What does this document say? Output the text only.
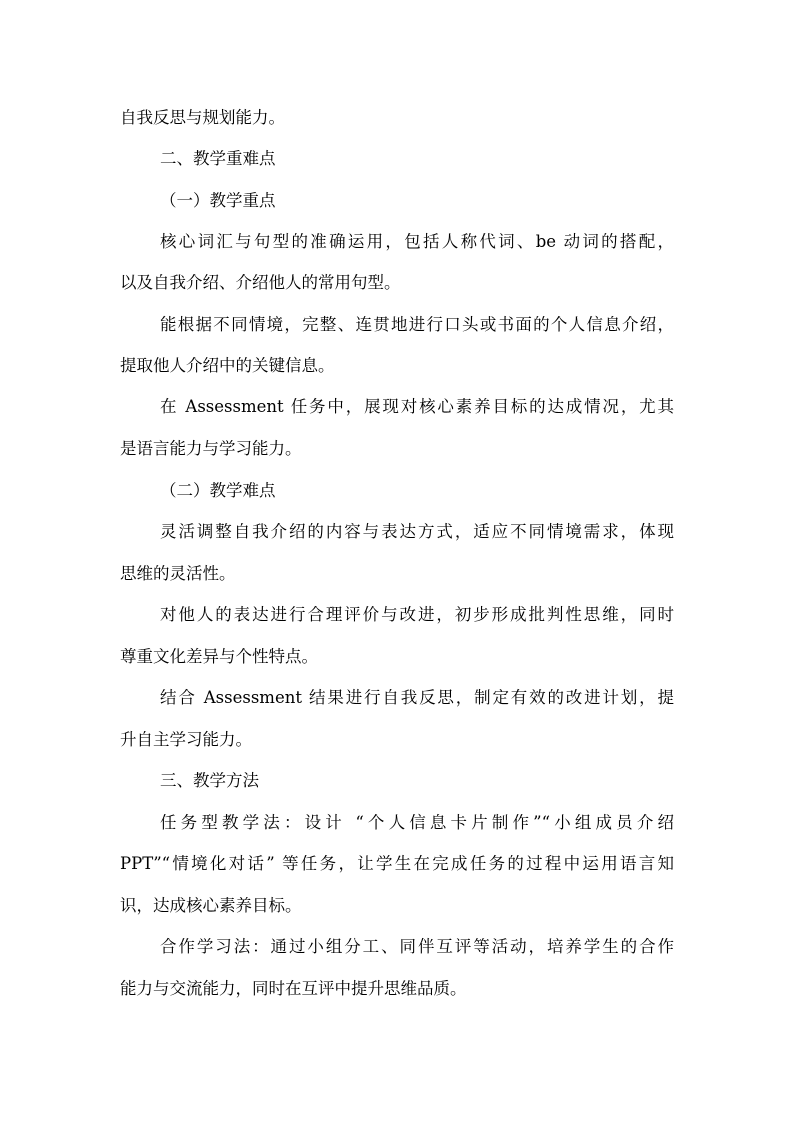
自我反思与规划能力。

二、教学重难点

（一）教学重点

核心词汇与句型的准确运用，包括人称代词、be 动词的搭配，

以及自我介绍、介绍他人的常用句型。

能根据不同情境，完整、连贯地进行口头或书面的个人信息介绍，

提取他人介绍中的关键信息。

在 Assessment 任务中，展现对核心素养目标的达成情况，尤其

是语言能力与学习能力。

（二）教学难点

灵活调整自我介绍的内容与表达方式，适应不同情境需求，体现

思维的灵活性。

对他人的表达进行合理评价与改进，初步形成批判性思维，同时

尊重文化差异与个性特点。

结合 Assessment 结果进行自我反思，制定有效的改进计划，提

升自主学习能力。

三、教学方法

任务型教学法：设计 “个人信息卡片制作”“小组成员介绍

PPT”“情境化对话” 等任务，让学生在完成任务的过程中运用语言知

识，达成核心素养目标。

合作学习法：通过小组分工、同伴互评等活动，培养学生的合作

能力与交流能力，同时在互评中提升思维品质。
